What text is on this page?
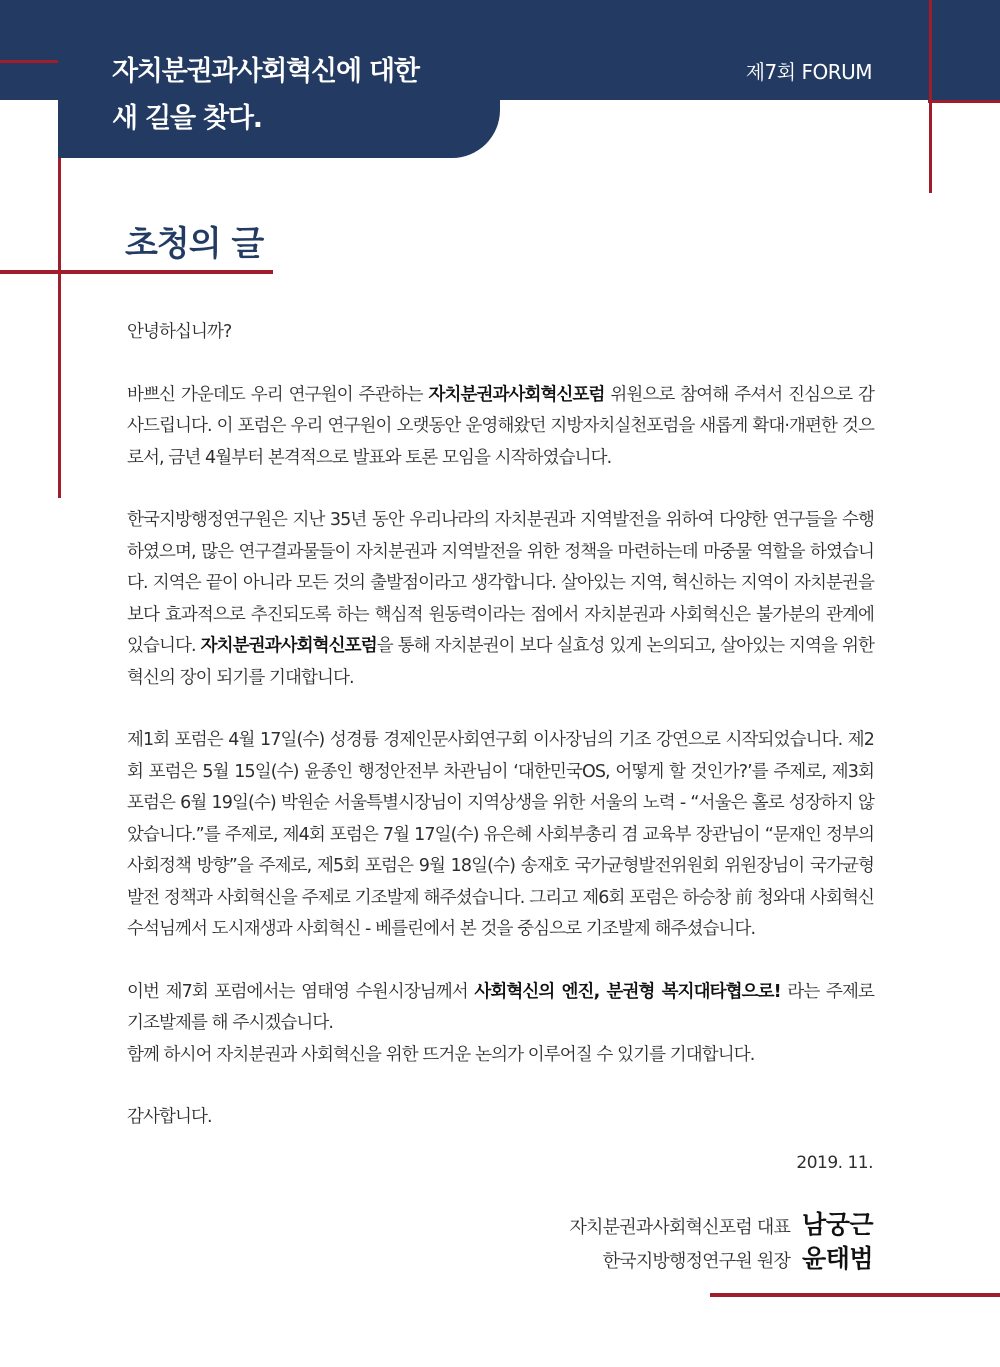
자치분권과사회혁신에 대한
새 길을 찾다.
제7회 FORUM
초청의 글

안녕하십니까?

바쁘신 가운데도 우리 연구원이 주관하는 자치분권과사회혁신포럼 위원으로 참여해 주셔서 진심으로 감사드립니다. 이 포럼은 우리 연구원이 오랫동안 운영해왔던 지방자치실천포럼을 새롭게 확대·개편한 것으로서, 금년 4월부터 본격적으로 발표와 토론 모임을 시작하였습니다.

한국지방행정연구원은 지난 35년 동안 우리나라의 자치분권과 지역발전을 위하여 다양한 연구들을 수행하였으며, 많은 연구결과물들이 자치분권과 지역발전을 위한 정책을 마련하는데 마중물 역할을 하였습니다. 지역은 끝이 아니라 모든 것의 출발점이라고 생각합니다. 살아있는 지역, 혁신하는 지역이 자치분권을 보다 효과적으로 추진되도록 하는 핵심적 원동력이라는 점에서 자치분권과 사회혁신은 불가분의 관계에 있습니다. 자치분권과사회혁신포럼을 통해 자치분권이 보다 실효성 있게 논의되고, 살아있는 지역을 위한 혁신의 장이 되기를 기대합니다.

제1회 포럼은 4월 17일(수) 성경륭 경제인문사회연구회 이사장님의 기조 강연으로 시작되었습니다. 제2회 포럼은 5월 15일(수) 윤종인 행정안전부 차관님이 ‘대한민국OS, 어떻게 할 것인가?’를 주제로, 제3회 포럼은 6월 19일(수) 박원순 서울특별시장님이 지역상생을 위한 서울의 노력 - “서울은 홀로 성장하지 않았습니다.”를 주제로, 제4회 포럼은 7월 17일(수) 유은혜 사회부총리 겸 교육부 장관님이 “문재인 정부의 사회정책 방향”을 주제로, 제5회 포럼은 9월 18일(수) 송재호 국가균형발전위원회 위원장님이 국가균형발전 정책과 사회혁신을 주제로 기조발제 해주셨습니다. 그리고 제6회 포럼은 하승창 前 청와대 사회혁신 수석님께서 도시재생과 사회혁신 - 베를린에서 본 것을 중심으로 기조발제 해주셨습니다.

이번 제7회 포럼에서는 염태영 수원시장님께서 사회혁신의 엔진, 분권형 복지대타협으로! 라는 주제로 기조발제를 해 주시겠습니다.

함께 하시어 자치분권과 사회혁신을 위한 뜨거운 논의가 이루어질 수 있기를 기대합니다.

감사합니다.

2019. 11.
자치분권과사회혁신포럼 대표 남궁근
한국지방행정연구원 원장 윤태범
